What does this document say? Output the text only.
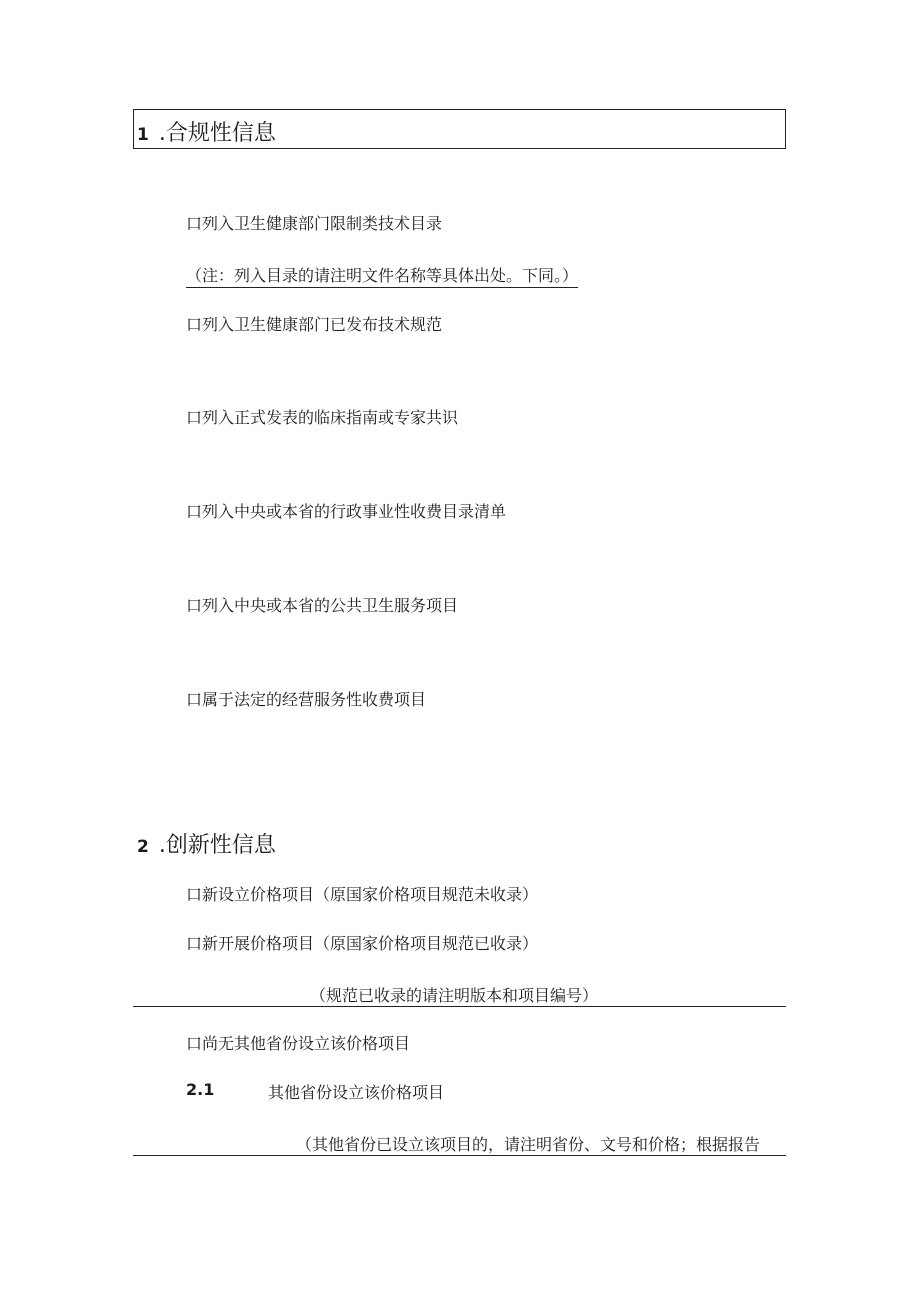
1 .合规性信息
口列入卫生健康部门限制类技术目录
（注：列入目录的请注明文件名称等具体出处。下同。）
口列入卫生健康部门已发布技术规范
口列入正式发表的临床指南或专家共识
口列入中央或本省的行政事业性收费目录清单
口列入中央或本省的公共卫生服务项目
口属于法定的经营服务性收费项目
2 .创新性信息
口新设立价格项目（原国家价格项目规范未收录）
口新开展价格项目（原国家价格项目规范已收录）
（规范已收录的请注明版本和项目编号）
口尚无其他省份设立该价格项目
2.1	其他省份设立该价格项目
（其他省份已设立该项目的，请注明省份、文号和价格；根据报告
